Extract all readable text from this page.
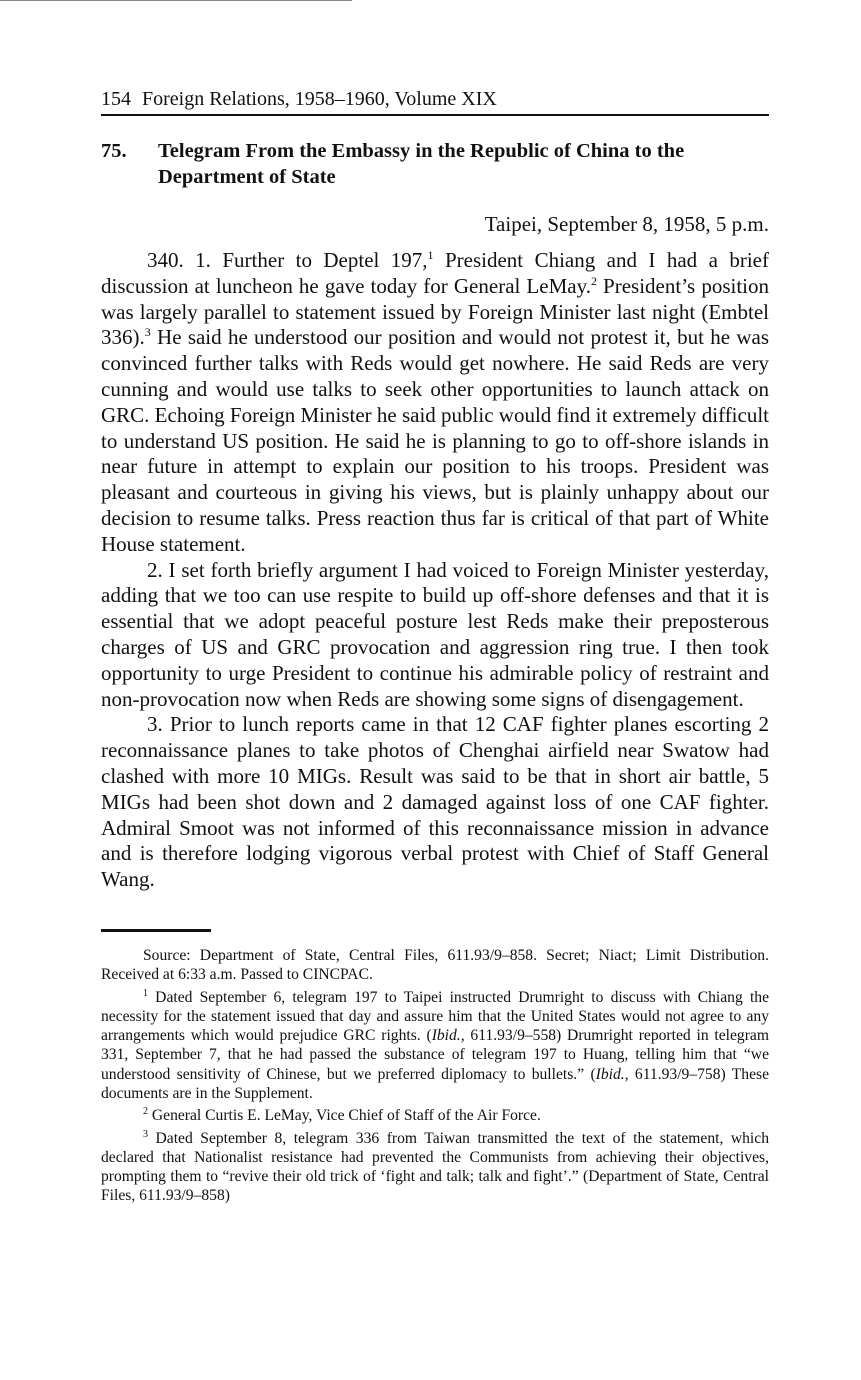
154 Foreign Relations, 1958–1960, Volume XIX
75.	Telegram From the Embassy in the Republic of China to the Department of State
Taipei, September 8, 1958, 5 p.m.

340. 1. Further to Deptel 197,$^1$ President Chiang and I had a brief discussion at luncheon he gave today for General LeMay.$^2$ President’s position was largely parallel to statement issued by Foreign Minister last night (Embtel 336).$^3$ He said he understood our position and would not protest it, but he was convinced further talks with Reds would get nowhere. He said Reds are very cunning and would use talks to seek other opportunities to launch attack on GRC. Echoing Foreign Minister he said public would find it extremely difficult to understand US position. He said he is planning to go to off-shore islands in near future in attempt to explain our position to his troops. President was pleasant and courteous in giving his views, but is plainly unhappy about our decision to resume talks. Press reaction thus far is critical of that part of White House statement.

2. I set forth briefly argument I had voiced to Foreign Minister yesterday, adding that we too can use respite to build up off-shore defenses and that it is essential that we adopt peaceful posture lest Reds make their preposterous charges of US and GRC provocation and aggression ring true. I then took opportunity to urge President to continue his admirable policy of restraint and non-provocation now when Reds are showing some signs of disengagement.

3. Prior to lunch reports came in that 12 CAF fighter planes escorting 2 reconnaissance planes to take photos of Chenghai airfield near Swatow had clashed with more 10 MIGs. Result was said to be that in short air battle, 5 MIGs had been shot down and 2 damaged against loss of one CAF fighter. Admiral Smoot was not informed of this reconnaissance mission in advance and is therefore lodging vigorous verbal protest with Chief of Staff General Wang.

Source: Department of State, Central Files, 611.93/9–858. Secret; Niact; Limit Distribution. Received at 6:33 a.m. Passed to CINCPAC.

$^1$ Dated September 6, telegram 197 to Taipei instructed Drumright to discuss with Chiang the necessity for the statement issued that day and assure him that the United States would not agree to any arrangements which would prejudice GRC rights. (Ibid., 611.93/9–558) Drumright reported in telegram 331, September 7, that he had passed the substance of telegram 197 to Huang, telling him that “we understood sensitivity of Chinese, but we preferred diplomacy to bullets.” (Ibid., 611.93/9–758) These documents are in the Supplement.

$^2$ General Curtis E. LeMay, Vice Chief of Staff of the Air Force.

$^3$ Dated September 8, telegram 336 from Taiwan transmitted the text of the statement, which declared that Nationalist resistance had prevented the Communists from achieving their objectives, prompting them to “revive their old trick of ‘fight and talk; talk and fight’.” (Department of State, Central Files, 611.93/9–858)
